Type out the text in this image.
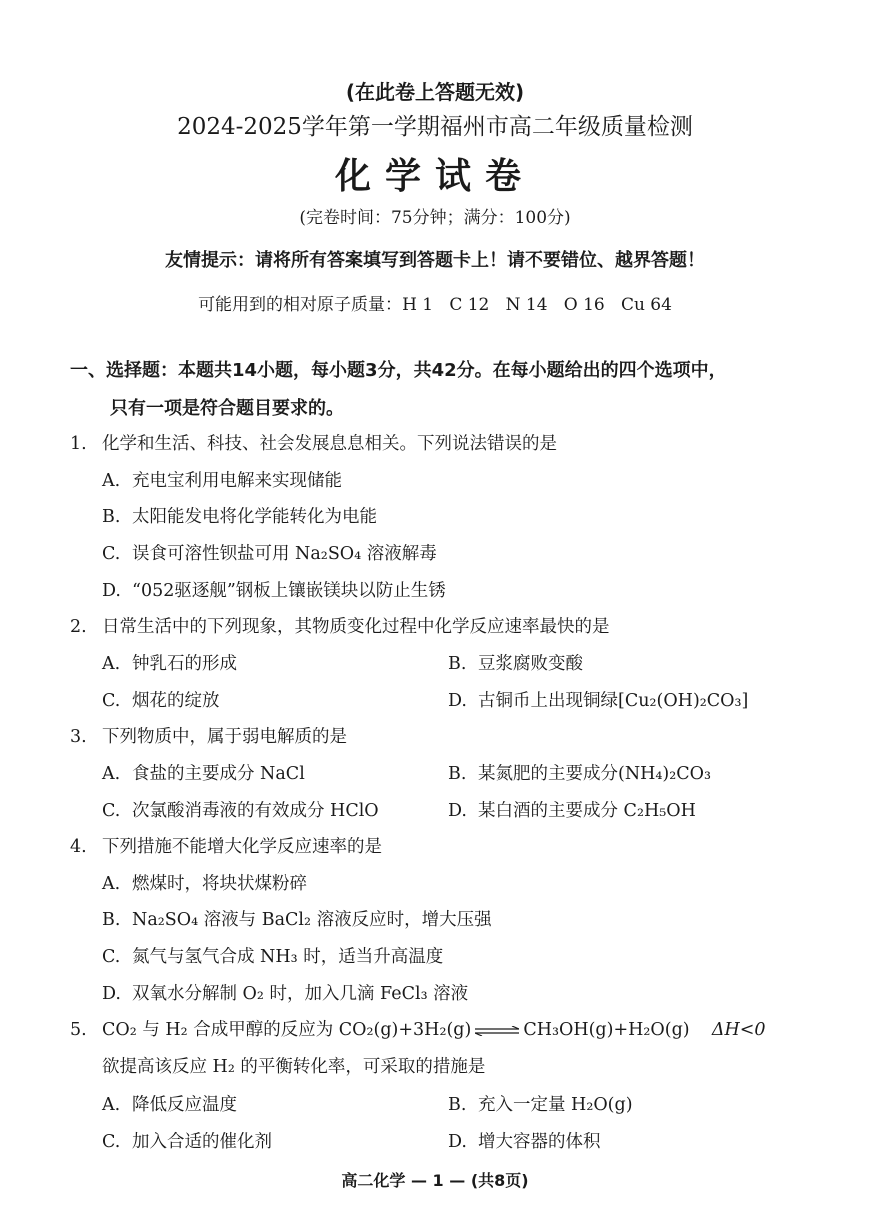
(在此卷上答题无效)
2024-2025学年第一学期福州市高二年级质量检测
化学试卷
(完卷时间：75分钟；满分：100分)
友情提示：请将所有答案填写到答题卡上！请不要错位、越界答题！
可能用到的相对原子质量：H 1 C 12 N 14 O 16 Cu 64
一、选择题：本题共14小题，每小题3分，共42分。在每小题给出的四个选项中，
只有一项是符合题目要求的。
1. 化学和生活、科技、社会发展息息相关。下列说法错误的是
A. 充电宝利用电解来实现储能
B. 太阳能发电将化学能转化为电能
C. 误食可溶性钡盐可用 Na₂SO₄ 溶液解毒
D. “052驱逐舰”钢板上镶嵌镁块以防止生锈
2. 日常生活中的下列现象，其物质变化过程中化学反应速率最快的是
A. 钟乳石的形成	B. 豆浆腐败变酸
C. 烟花的绽放	D. 古铜币上出现铜绿[Cu₂(OH)₂CO₃]
3. 下列物质中，属于弱电解质的是
A. 食盐的主要成分 NaCl	B. 某氮肥的主要成分(NH₄)₂CO₃
C. 次氯酸消毒液的有效成分 HClO	D. 某白酒的主要成分 C₂H₅OH
4. 下列措施不能增大化学反应速率的是
A. 燃煤时，将块状煤粉碎
B. Na₂SO₄ 溶液与 BaCl₂ 溶液反应时，增大压强
C. 氮气与氢气合成 NH₃ 时，适当升高温度
D. 双氧水分解制 O₂ 时，加入几滴 FeCl₃ 溶液
5. CO₂ 与 H₂ 合成甲醇的反应为 CO₂(g)+3H₂(g) ⇌ CH₃OH(g)+H₂O(g) ΔH<0
欲提高该反应 H₂ 的平衡转化率，可采取的措施是
A. 降低反应温度	B. 充入一定量 H₂O(g)
C. 加入合适的催化剂	D. 增大容器的体积
高二化学 — 1 — (共8页)
